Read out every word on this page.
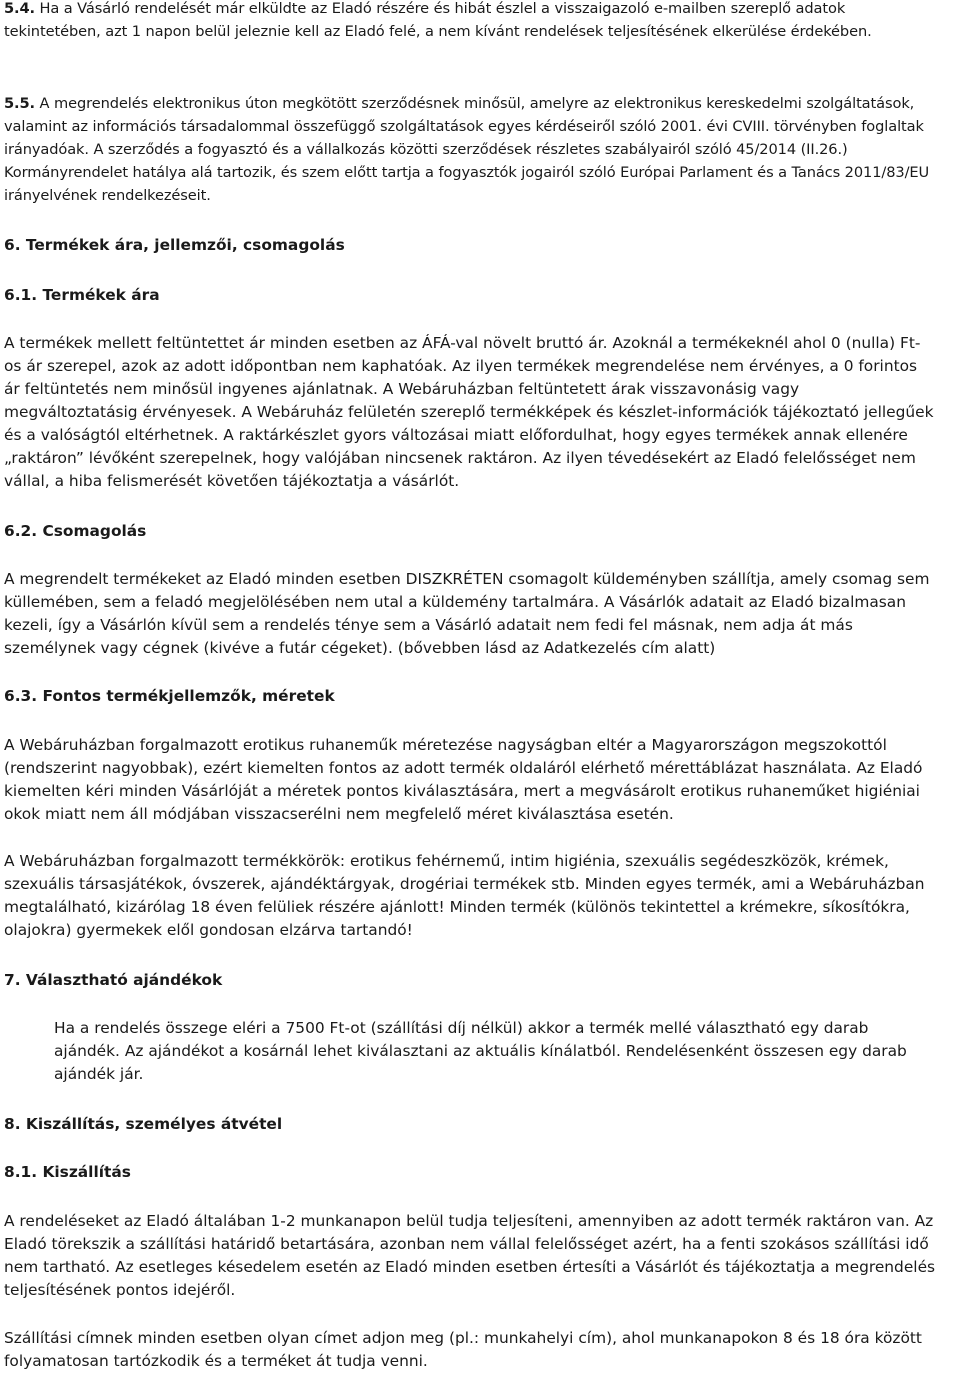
5.4. Ha a Vásárló rendelését már elküldte az Eladó részére és hibát észlel a visszaigazoló e-mailben szereplő adatok tekintetében, azt 1 napon belül jeleznie kell az Eladó felé, a nem kívánt rendelések teljesítésének elkerülése érdekében.

5.5. A megrendelés elektronikus úton megkötött szerződésnek minősül, amelyre az elektronikus kereskedelmi szolgáltatások, valamint az információs társadalommal összefüggő szolgáltatások egyes kérdéseiről szóló 2001. évi CVIII. törvényben foglaltak irányadóak. A szerződés a fogyasztó és a vállalkozás közötti szerződések részletes szabályairól szóló 45/2014 (II.26.) Kormányrendelet hatálya alá tartozik, és szem előtt tartja a fogyasztók jogairól szóló Európai Parlament és a Tanács 2011/83/EU irányelvének rendelkezéseit.

6. Termékek ára, jellemzői, csomagolás
6.1. Termékek ára

A termékek mellett feltüntettet ár minden esetben az ÁFÁ-val növelt bruttó ár. Azoknál a termékeknél ahol 0 (nulla) Ft-os ár szerepel, azok az adott időpontban nem kaphatóak. Az ilyen termékek megrendelése nem érvényes, a 0 forintos ár feltüntetés nem minősül ingyenes ajánlatnak. A Webáruházban feltüntetett árak visszavonásig vagy megváltoztatásig érvényesek. A Webáruház felületén szereplő termékképek és készlet-információk tájékoztató jellegűek és a valóságtól eltérhetnek. A raktárkészlet gyors változásai miatt előfordulhat, hogy egyes termékek annak ellenére „raktáron” lévőként szerepelnek, hogy valójában nincsenek raktáron. Az ilyen tévedésekért az Eladó felelősséget nem vállal, a hiba felismerését követően tájékoztatja a vásárlót.

6.2. Csomagolás

A megrendelt termékeket az Eladó minden esetben DISZKRÉTEN csomagolt küldeményben szállítja, amely csomag sem küllemében, sem a feladó megjelölésében nem utal a küldemény tartalmára. A Vásárlók adatait az Eladó bizalmasan kezeli, így a Vásárlón kívül sem a rendelés ténye sem a Vásárló adatait nem fedi fel másnak, nem adja át más személynek vagy cégnek (kivéve a futár cégeket). (bővebben lásd az Adatkezelés cím alatt)

6.3. Fontos termékjellemzők, méretek

A Webáruházban forgalmazott erotikus ruhaneműk méretezése nagyságban eltér a Magyarországon megszokottól (rendszerint nagyobbak), ezért kiemelten fontos az adott termék oldaláról elérhető mérettáblázat használata. Az Eladó kiemelten kéri minden Vásárlóját a méretek pontos kiválasztására, mert a megvásárolt erotikus ruhaneműket higiéniai okok miatt nem áll módjában visszacserélni nem megfelelő méret kiválasztása esetén.

A Webáruházban forgalmazott termékkörök: erotikus fehérnemű, intim higiénia, szexuális segédeszközök, krémek, szexuális társasjátékok, óvszerek, ajándéktárgyak, drogériai termékek stb. Minden egyes termék, ami a Webáruházban megtalálható, kizárólag 18 éven felüliek részére ajánlott! Minden termék (különös tekintettel a krémekre, síkosítókra, olajokra) gyermekek elől gondosan elzárva tartandó!

7. Választható ajándékok

Ha a rendelés összege eléri a 7500 Ft-ot (szállítási díj nélkül) akkor a termék mellé választható egy darab ajándék. Az ajándékot a kosárnál lehet kiválasztani az aktuális kínálatból. Rendelésenként összesen egy darab ajándék jár.

8. Kiszállítás, személyes átvétel
8.1. Kiszállítás

A rendeléseket az Eladó általában 1-2 munkanapon belül tudja teljesíteni, amennyiben az adott termék raktáron van. Az Eladó törekszik a szállítási határidő betartására, azonban nem vállal felelősséget azért, ha a fenti szokásos szállítási idő nem tartható. Az esetleges késedelem esetén az Eladó minden esetben értesíti a Vásárlót és tájékoztatja a megrendelés teljesítésének pontos idejéről.

Szállítási címnek minden esetben olyan címet adjon meg (pl.: munkahelyi cím), ahol munkanapokon 8 és 18 óra között folyamatosan tartózkodik és a terméket át tudja venni.
